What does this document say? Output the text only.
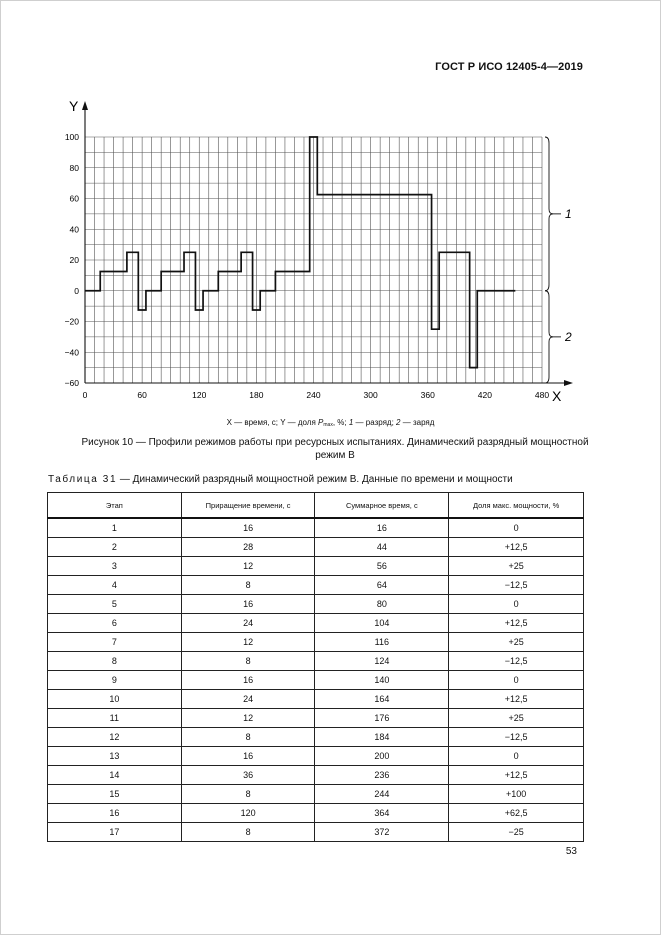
ГОСТ Р ИСО 12405-4—2019
Y
X
100
80
60
40
20
0
−20
−40
−60
0	60	120	180	240	300	360	420	480
1
2
X — время, с; Y — доля $P_{max}$, %; 1 — разряд; 2 — заряд
Рисунок 10 — Профили режимов работы при ресурсных испытаниях. Динамический разрядный мощностной
режим В
Таблица 31 — Динамический разрядный мощностной режим В. Данные по времени и мощности
Этап	Приращение времени, с	Суммарное время, с	Доля макс. мощности, %
1	16	16	0
2	28	44	+12,5
3	12	56	+25
4	8	64	−12,5
5	16	80	0
6	24	104	+12,5
7	12	116	+25
8	8	124	−12,5
9	16	140	0
10	24	164	+12,5
11	12	176	+25
12	8	184	−12,5
13	16	200	0
14	36	236	+12,5
15	8	244	+100
16	120	364	+62,5
17	8	372	−25
53
